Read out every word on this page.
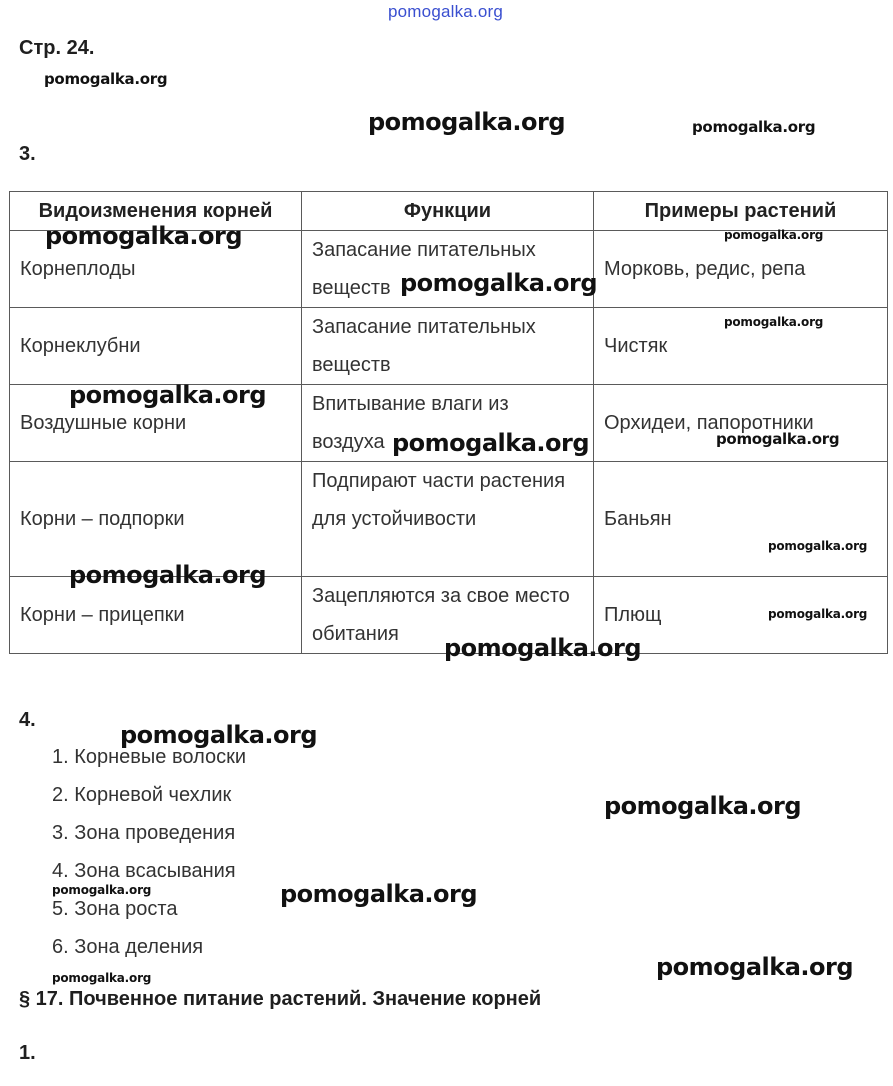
pomogalka.org
Стр. 24.
3.
Видоизменения корней	Функции	Примеры растений
Корнеплоды	Запасание питательных веществ	Морковь, редис, репа
Корнеклубни	Запасание питательных веществ	Чистяк
Воздушные корни	Впитывание влаги из воздуха	Орхидеи, папоротники
Корни – подпорки	Подпирают части растения для устойчивости	Баньян
Корни – прицепки	Зацепляются за свое место обитания	Плющ
4.
1. Корневые волоски
2. Корневой чехлик
3. Зона проведения
4. Зона всасывания
5. Зона роста
6. Зона деления
§ 17. Почвенное питание растений. Значение корней
1.
pomogalka.org
pomogalka.org	pomogalka.org
pomogalka.org	pomogalka.org
pomogalka.org
pomogalka.org
pomogalka.org
pomogalka.org	pomogalka.org
pomogalka.org
pomogalka.org
pomogalka.org
pomogalka.org
pomogalka.org
pomogalka.org
pomogalka.org	pomogalka.org
pomogalka.org
pomogalka.org
